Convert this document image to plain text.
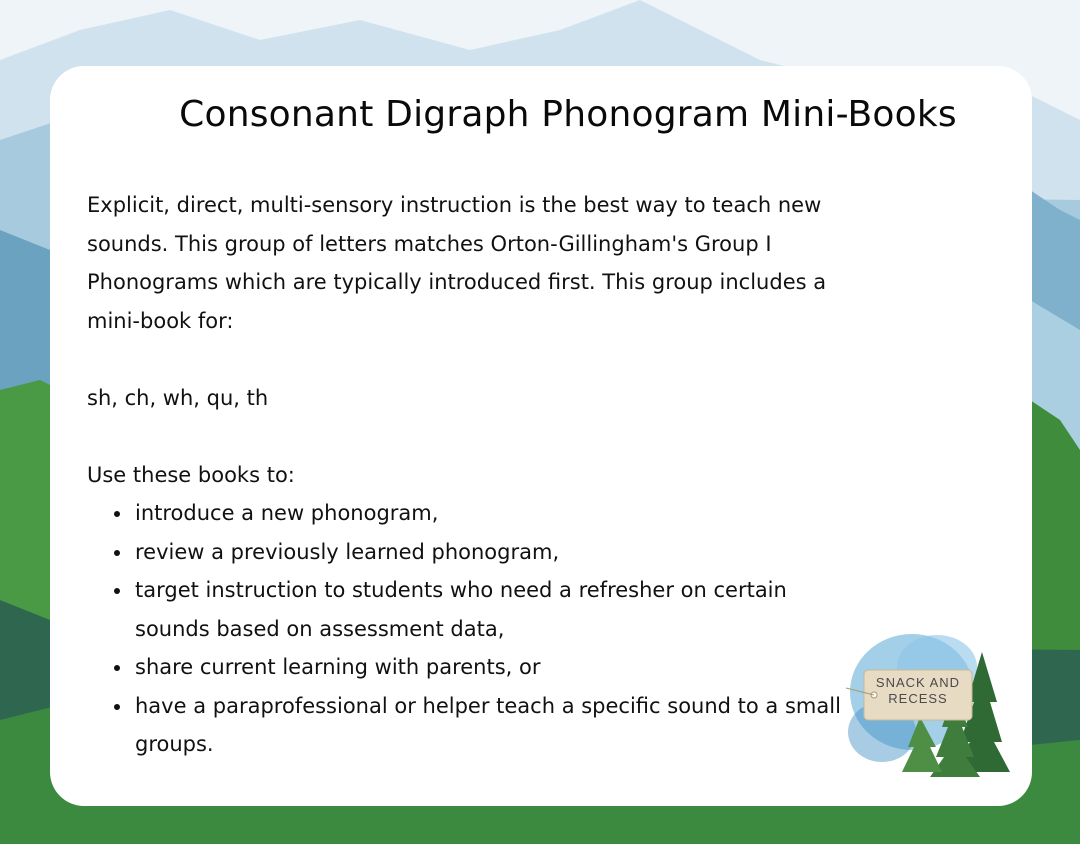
Consonant Digraph Phonogram Mini-Books

Explicit, direct, multi-sensory instruction is the best way to teach new
sounds. This group of letters matches Orton-Gillingham's Group I
Phonograms which are typically introduced first. This group includes a
mini-book for:

sh, ch, wh, qu, th

Use these books to:

• introduce a new phonogram,
• review a previously learned phonogram,
• target instruction to students who need a refresher on certain sounds based on assessment data,
• share current learning with parents, or
• have a paraprofessional or helper teach a specific sound to a small groups.
SNACK AND
RECESS
